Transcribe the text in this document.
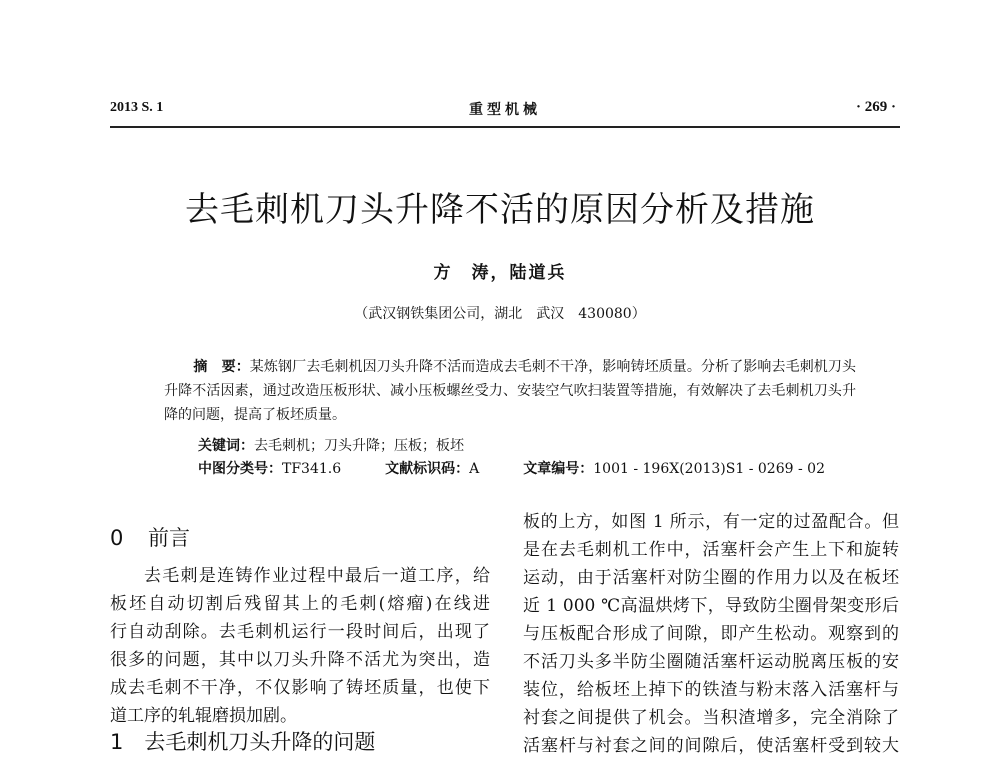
2013 S. 1	重型机械	· 269 ·
去毛刺机刀头升降不活的原因分析及措施
方　涛，陆道兵
（武汉钢铁集团公司，湖北　武汉　430080）
摘　要：某炼钢厂去毛刺机因刀头升降不活而造成去毛刺不干净，影响铸坯质量。分析了影响去毛刺机刀头升降不活因素，通过改造压板形状、减小压板螺丝受力、安装空气吹扫装置等措施，有效解决了去毛刺机刀头升降的问题，提高了板坯质量。
关键词：去毛刺机；刀头升降；压板；板坯
中图分类号：TF341.6	文献标识码：A	文章编号：1001 - 196X(2013)S1 - 0269 - 02
0 前言
去毛刺是连铸作业过程中最后一道工序，给
板坯自动切割后残留其上的毛刺(熔瘤)在线进
行自动刮除。去毛刺机运行一段时间后，出现了
很多的问题，其中以刀头升降不活尤为突出，造
成去毛刺不干净，不仅影响了铸坯质量，也使下
道工序的轧辊磨损加剧。
板的上方，如图 1 所示，有一定的过盈配合。但
是在去毛刺机工作中，活塞杆会产生上下和旋转
运动，由于活塞杆对防尘圈的作用力以及在板坯
近 1 000 ℃高温烘烤下，导致防尘圈骨架变形后
与压板配合形成了间隙，即产生松动。观察到的
不活刀头多半防尘圈随活塞杆运动脱离压板的安
装位，给板坯上掉下的铁渣与粉末落入活塞杆与
衬套之间提供了机会。当积渣增多，完全消除了
活塞杆与衬套之间的间隙后，使活塞杆受到较大
1　去毛刺机刀头升降的问题
